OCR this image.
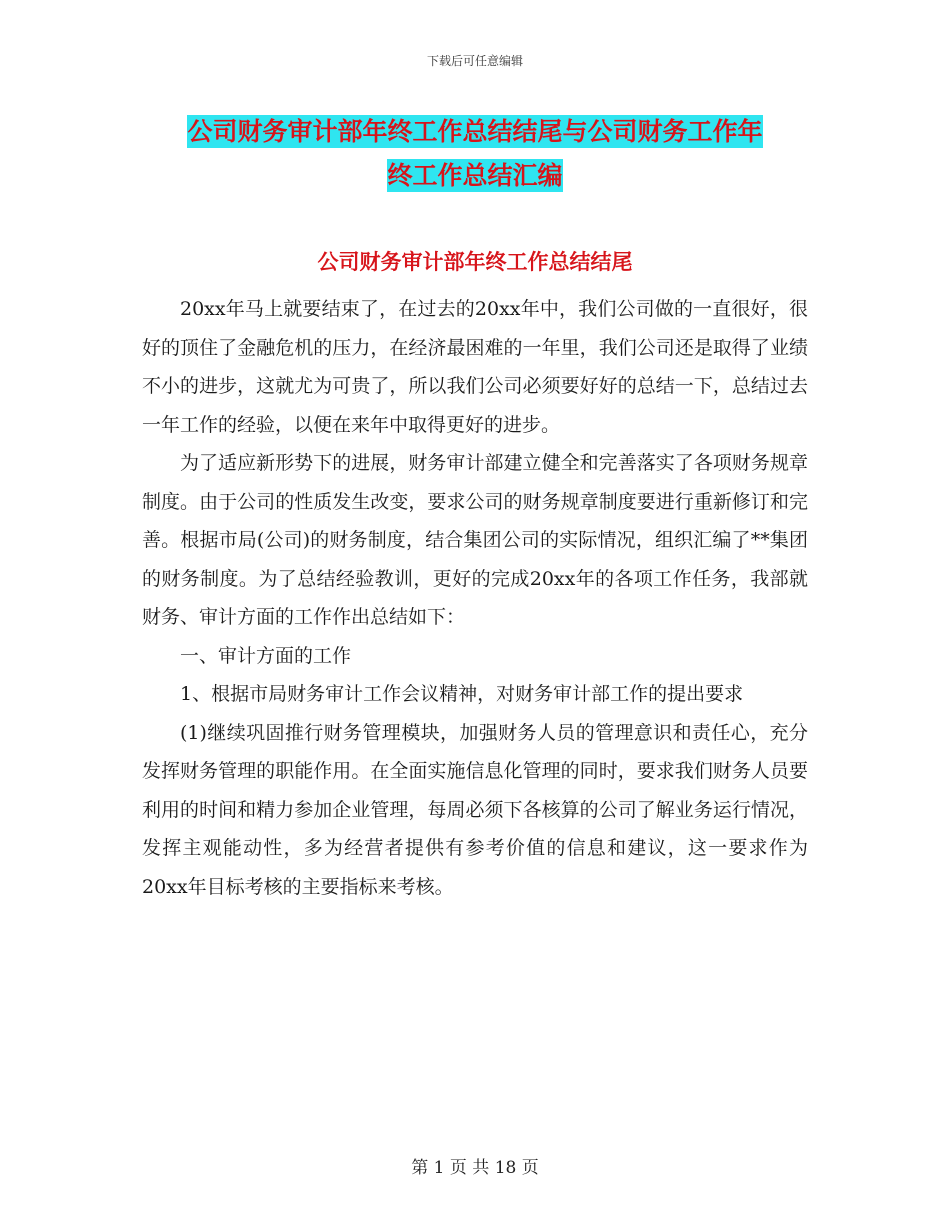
下载后可任意编辑
公司财务审计部年终工作总结结尾与公司财务工作年
终工作总结汇编
公司财务审计部年终工作总结结尾

20xx年马上就要结束了，在过去的20xx年中，我们公司做的一直很好，很好的顶住了金融危机的压力，在经济最困难的一年里，我们公司还是取得了业绩不小的进步，这就尤为可贵了，所以我们公司必须要好好的总结一下，总结过去一年工作的经验，以便在来年中取得更好的进步。

为了适应新形势下的进展，财务审计部建立健全和完善落实了各项财务规章制度。由于公司的性质发生改变，要求公司的财务规章制度要进行重新修订和完善。根据市局(公司)的财务制度，结合集团公司的实际情况，组织汇编了**集团的财务制度。为了总结经验教训，更好的完成20xx年的各项工作任务，我部就财务、审计方面的工作作出总结如下：

一、审计方面的工作

1、根据市局财务审计工作会议精神，对财务审计部工作的提出要求

(1)继续巩固推行财务管理模块，加强财务人员的管理意识和责任心，充分发挥财务管理的职能作用。在全面实施信息化管理的同时，要求我们财务人员要利用的时间和精力参加企业管理，每周必须下各核算的公司了解业务运行情况，发挥主观能动性，多为经营者提供有参考价值的信息和建议，这一要求作为20xx年目标考核的主要指标来考核。

第 1 页 共 18 页
